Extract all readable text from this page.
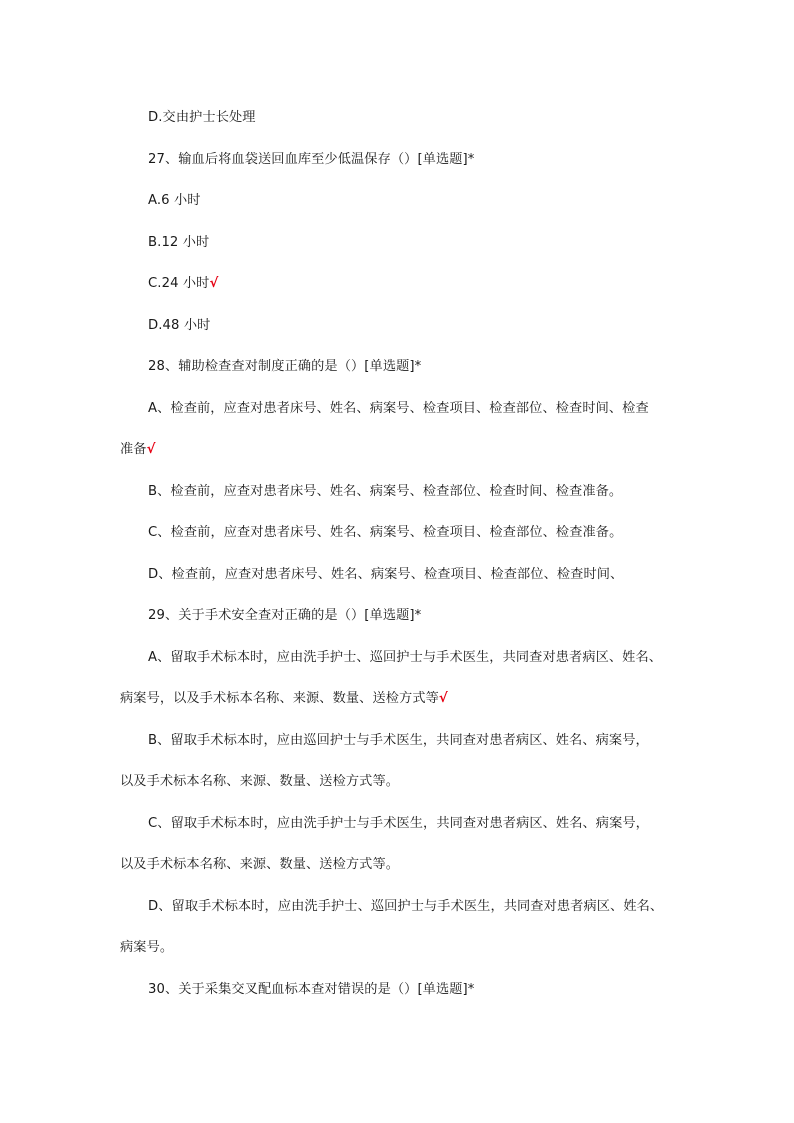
D.交由护士长处理
27、输血后将血袋送回血库至少低温保存（）[单选题]*
A.6 小时
B.12 小时
C.24 小时√
D.48 小时
28、辅助检查查对制度正确的是（）[单选题]*
A、检查前，应查对患者床号、姓名、病案号、检查项目、检查部位、检查时间、检查
准备√
B、检查前，应查对患者床号、姓名、病案号、检查部位、检查时间、检查准备。
C、检查前，应查对患者床号、姓名、病案号、检查项目、检查部位、检查准备。
D、检查前，应查对患者床号、姓名、病案号、检查项目、检查部位、检查时间、
29、关于手术安全查对正确的是（）[单选题]*
A、留取手术标本时，应由洗手护士、巡回护士与手术医生，共同查对患者病区、姓名、
病案号，以及手术标本名称、来源、数量、送检方式等√
B、留取手术标本时，应由巡回护士与手术医生，共同查对患者病区、姓名、病案号，
以及手术标本名称、来源、数量、送检方式等。
C、留取手术标本时，应由洗手护士与手术医生，共同查对患者病区、姓名、病案号，
以及手术标本名称、来源、数量、送检方式等。
D、留取手术标本时，应由洗手护士、巡回护士与手术医生，共同查对患者病区、姓名、
病案号。
30、关于采集交叉配血标本查对错误的是（）[单选题]*
